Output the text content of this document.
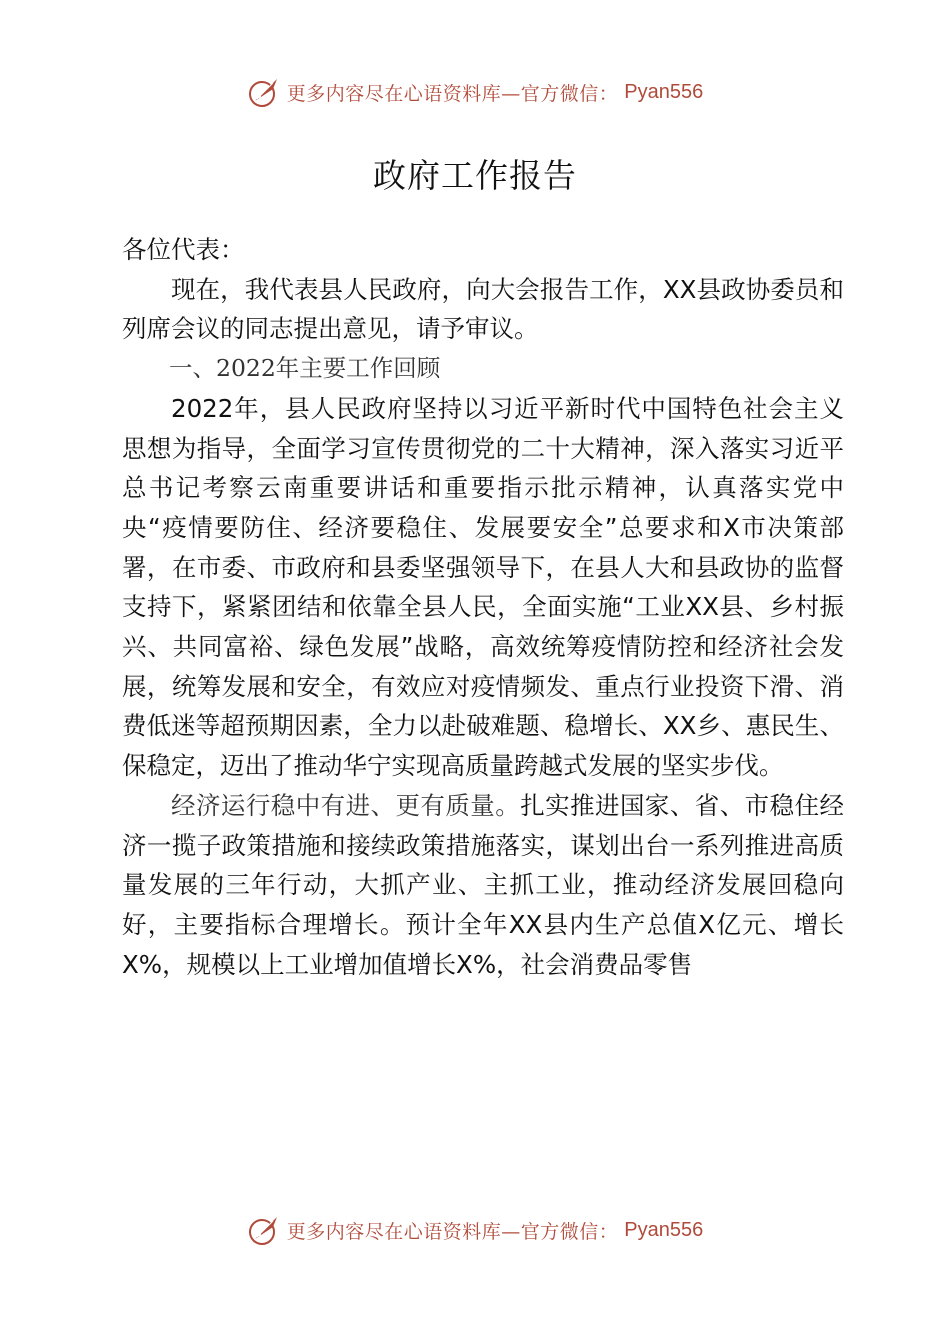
更多内容尽在心语资料库—官方微信： Pyan556
政府工作报告

各位代表：

现在，我代表县人民政府，向大会报告工作，XX县政协委员和列席会议的同志提出意见，请予审议。

一、2022年主要工作回顾

2022年，县人民政府坚持以习近平新时代中国特色社会主义思想为指导，全面学习宣传贯彻党的二十大精神，深入落实习近平总书记考察云南重要讲话和重要指示批示精神，认真落实党中央“疫情要防住、经济要稳住、发展要安全”总要求和X市决策部署，在市委、市政府和县委坚强领导下，在县人大和县政协的监督支持下，紧紧团结和依靠全县人民，全面实施“工业XX县、乡村振兴、共同富裕、绿色发展”战略，高效统筹疫情防控和经济社会发展，统筹发展和安全，有效应对疫情频发、重点行业投资下滑、消费低迷等超预期因素，全力以赴破难题、稳增长、XX乡、惠民生、保稳定，迈出了推动华宁实现高质量跨越式发展的坚实步伐。

经济运行稳中有进、更有质量。扎实推进国家、省、市稳住经济一揽子政策措施和接续政策措施落实，谋划出台一系列推进高质量发展的三年行动，大抓产业、主抓工业，推动经济发展回稳向好，主要指标合理增长。预计全年XX县内生产总值X亿元、增长X%，规模以上工业增加值增长X%，社会消费品零售

更多内容尽在心语资料库—官方微信： Pyan556
